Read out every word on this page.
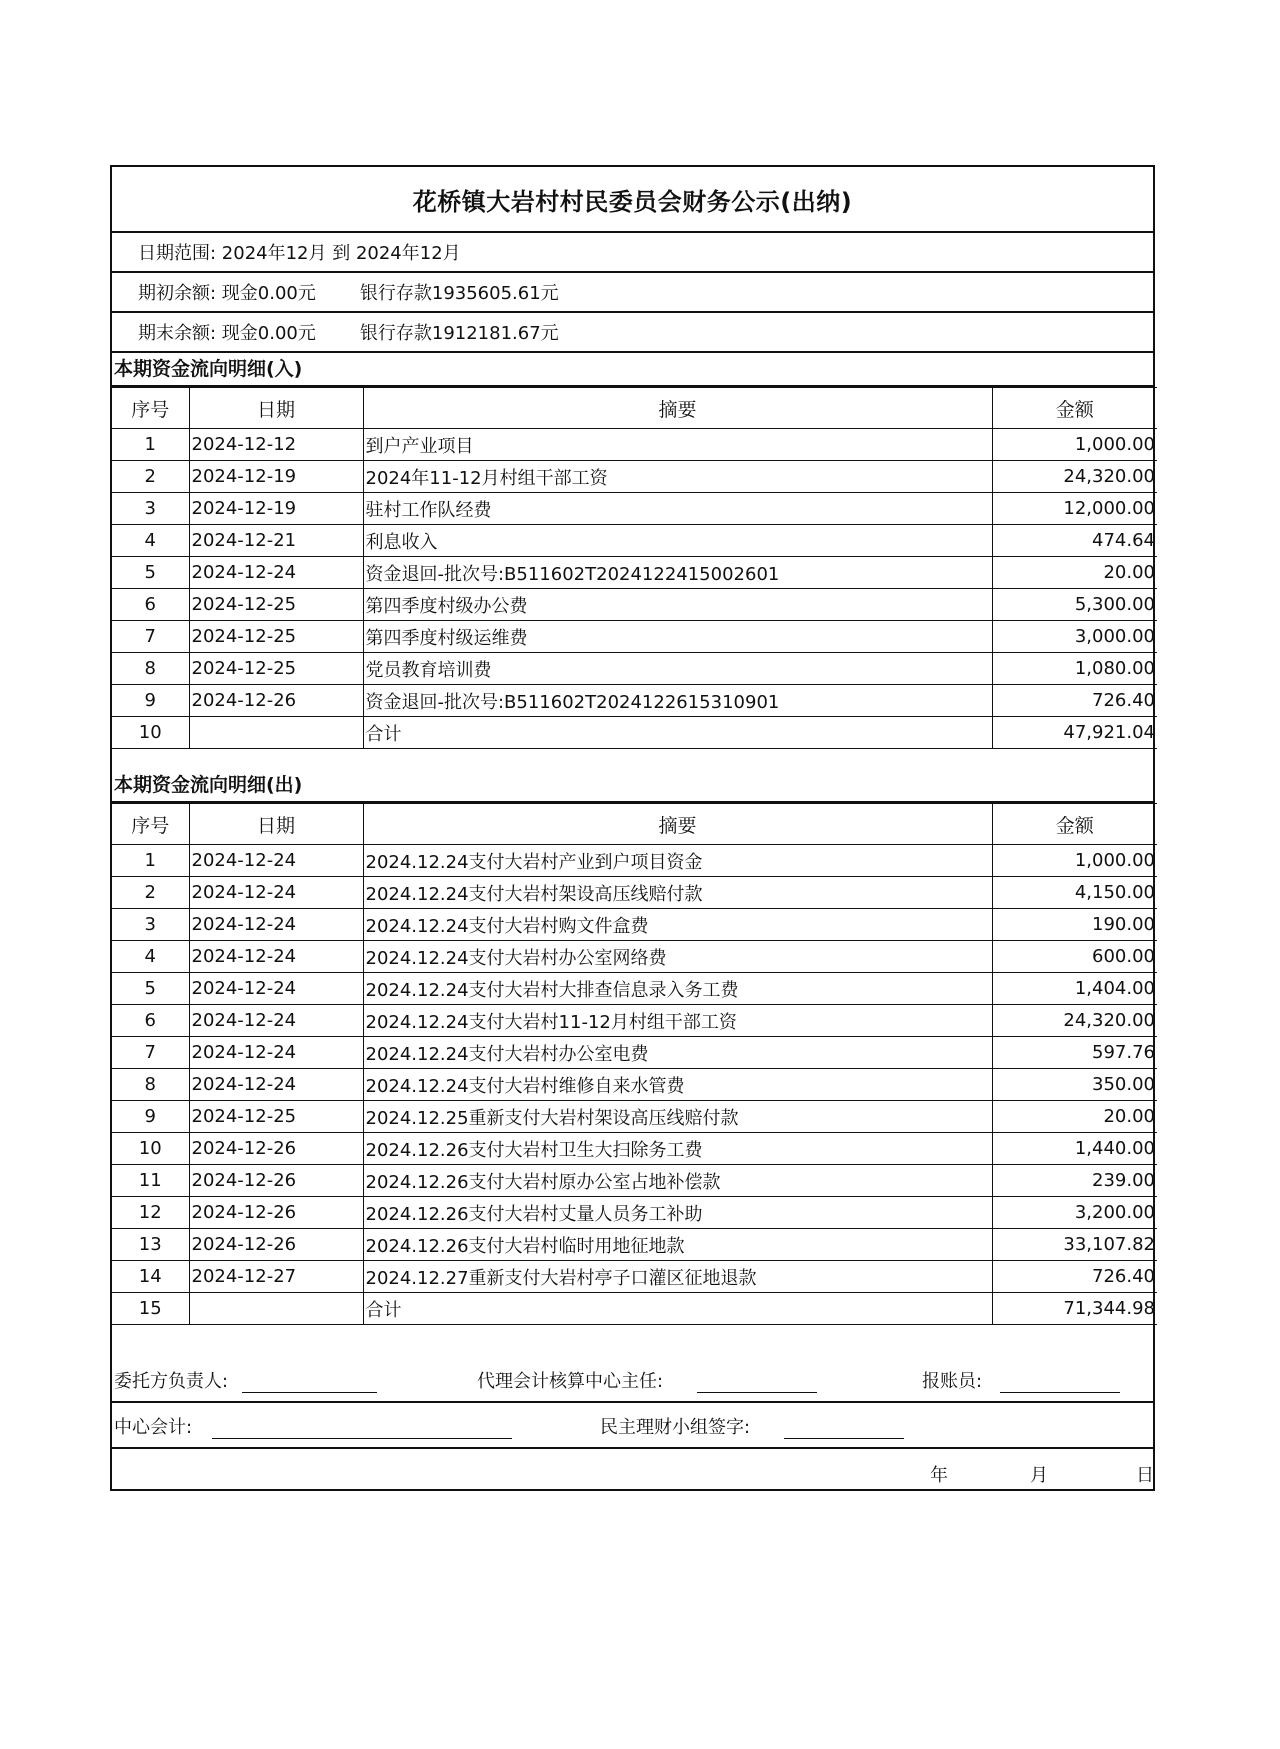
花桥镇大岩村村民委员会财务公示(出纳)
日期范围: 2024年12月 到 2024年12月
期初余额: 现金0.00元 银行存款1935605.61元
期末余额: 现金0.00元 银行存款1912181.67元
本期资金流向明细(入)
序号	日期	摘要	金额
1	2024-12-12	到户产业项目	1,000.00
2	2024-12-19	2024年11-12月村组干部工资	24,320.00
3	2024-12-19	驻村工作队经费	12,000.00
4	2024-12-21	利息收入	474.64
5	2024-12-24	资金退回-批次号:B511602T2024122415002601	20.00
6	2024-12-25	第四季度村级办公费	5,300.00
7	2024-12-25	第四季度村级运维费	3,000.00
8	2024-12-25	党员教育培训费	1,080.00
9	2024-12-26	资金退回-批次号:B511602T2024122615310901	726.40
10		合计	47,921.04
本期资金流向明细(出)
序号	日期	摘要	金额
1	2024-12-24	2024.12.24支付大岩村产业到户项目资金	1,000.00
2	2024-12-24	2024.12.24支付大岩村架设高压线赔付款	4,150.00
3	2024-12-24	2024.12.24支付大岩村购文件盒费	190.00
4	2024-12-24	2024.12.24支付大岩村办公室网络费	600.00
5	2024-12-24	2024.12.24支付大岩村大排查信息录入务工费	1,404.00
6	2024-12-24	2024.12.24支付大岩村11-12月村组干部工资	24,320.00
7	2024-12-24	2024.12.24支付大岩村办公室电费	597.76
8	2024-12-24	2024.12.24支付大岩村维修自来水管费	350.00
9	2024-12-25	2024.12.25重新支付大岩村架设高压线赔付款	20.00
10	2024-12-26	2024.12.26支付大岩村卫生大扫除务工费	1,440.00
11	2024-12-26	2024.12.26支付大岩村原办公室占地补偿款	239.00
12	2024-12-26	2024.12.26支付大岩村丈量人员务工补助	3,200.00
13	2024-12-26	2024.12.26支付大岩村临时用地征地款	33,107.82
14	2024-12-27	2024.12.27重新支付大岩村亭子口灌区征地退款	726.40
15		合计	71,344.98
委托方负责人:	代理会计核算中心主任:	报账员:
中心会计:	民主理财小组签字:
年	月	日
